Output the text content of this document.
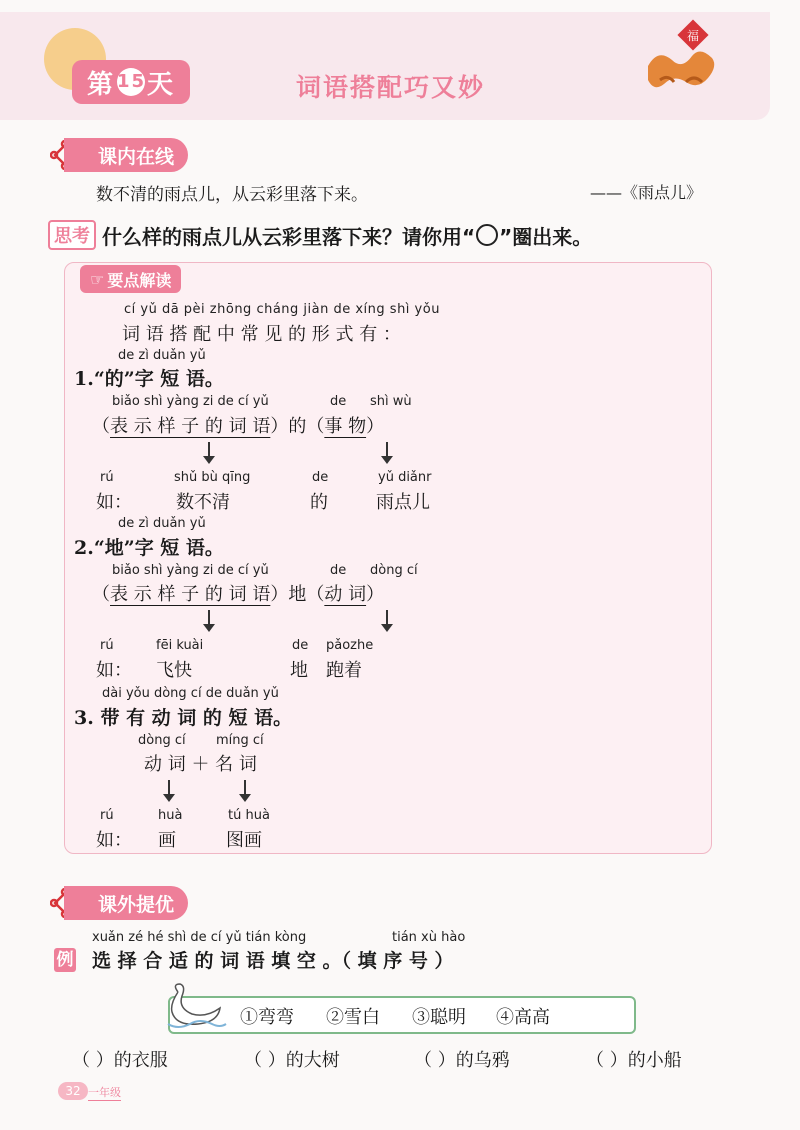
第 15 天	词语搭配巧又妙
福
课内在线
数不清的雨点儿，从云彩里落下来。	——《雨点儿》
思考 什么样的雨点儿从云彩里落下来？请你用“ ”圈出来。
☞ 要点解读
cí yǔ dā pèi zhōng cháng jiàn de xíng shì yǒu
词 语 搭 配 中 常 见 的 形 式 有 ：
de zì duǎn yǔ
1.“的”字 短 语。
biǎo shì yàng zi de cí yǔ	de shì wù
（表 示 样 子 的 词 语）的（事 物）
rú	shǔ bù qīng	de	yǔ diǎnr
如： 数不清	的	雨点儿
de zì duǎn yǔ
2.“地”字 短 语。
biǎo shì yàng zi de cí yǔ	de dòng cí
（表 示 样 子 的 词 语）地（动 词）
rú	fēi kuài	de pǎozhe
如： 飞快	地 跑着
dài yǒu dòng cí de duǎn yǔ
3. 带 有 动 词 的 短 语。
dòng cí míng cí
动 词 ＋ 名 词
rú	huà	tú huà
如： 画	图画
课外提优
xuǎn zé hé shì de cí yǔ tián kòng	tián xù hào
例 选 择 合 适 的 词 语 填 空 。（ 填 序 号 ）
①弯弯 ②雪白 ③聪明 ④高高
（ ）的衣服	（ ）的大树	（ ）的乌鸦	（ ）的小船
32 一年级
